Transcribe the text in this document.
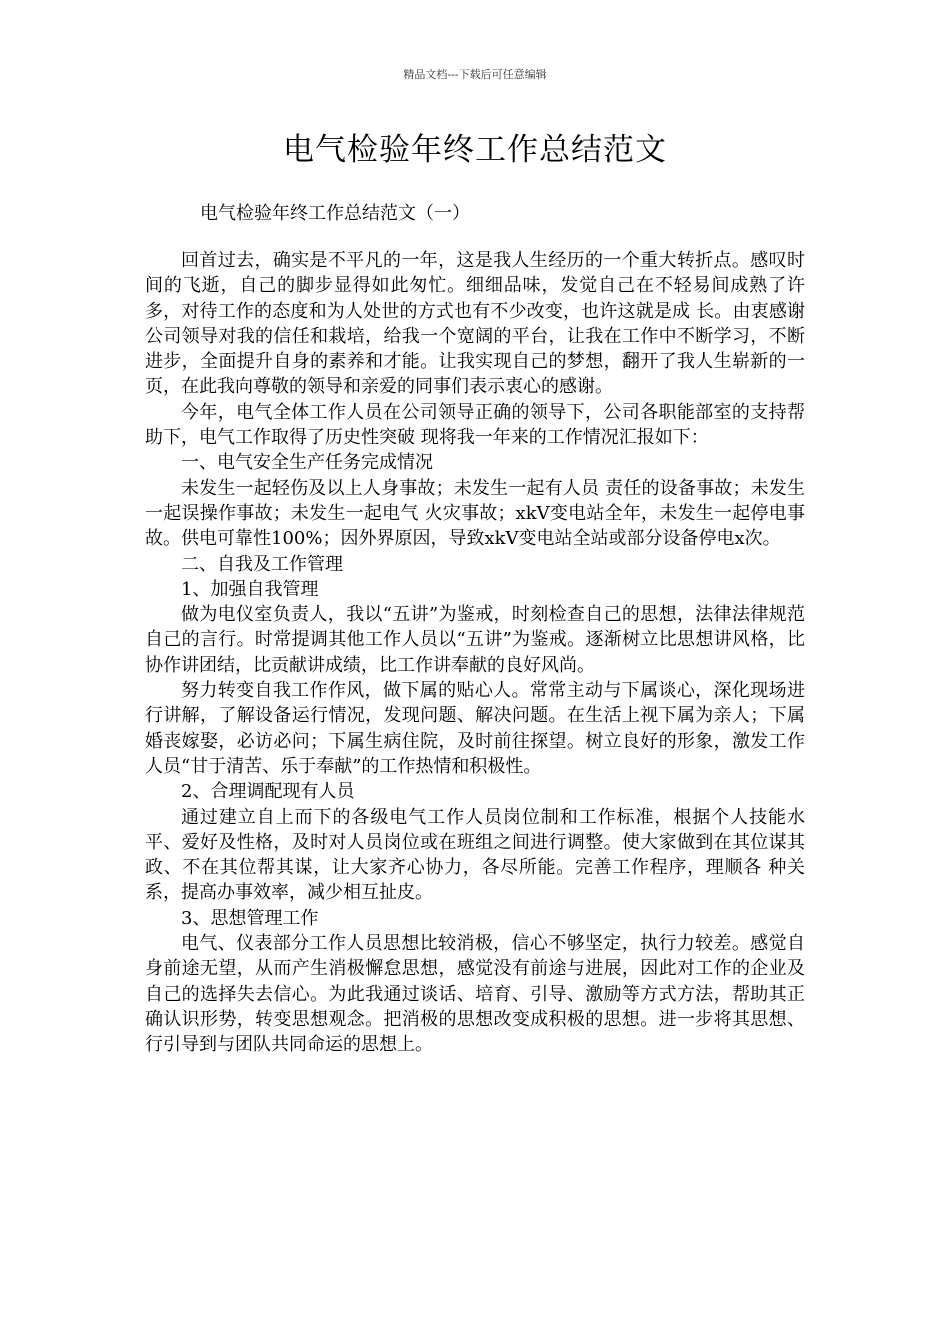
精品文档---下载后可任意编辑
电气检验年终工作总结范文
电气检验年终工作总结范文（一）

回首过去，确实是不平凡的一年，这是我人生经历的一个重大转折点。感叹时间的飞逝，自己的脚步显得如此匆忙。细细品味，发觉自己在不轻易间成熟了许多，对待工作的态度和为人处世的方式也有不少改变，也许这就是成 长。由衷感谢公司领导对我的信任和栽培，给我一个宽阔的平台，让我在工作中不断学习，不断进步，全面提升自身的素养和才能。让我实现自己的梦想，翻开了我人生崭新的一 页，在此我向尊敬的领导和亲爱的同事们表示衷心的感谢。

今年，电气全体工作人员在公司领导正确的领导下，公司各职能部室的支持帮助下，电气工作取得了历史性突破 现将我一年来的工作情况汇报如下：

一、电气安全生产任务完成情况

未发生一起轻伤及以上人身事故；未发生一起有人员 责任的设备事故；未发生一起误操作事故；未发生一起电气 火灾事故；xkV变电站全年，未发生一起停电事故。供电可靠性100%；因外界原因，导致xkV变电站全站或部分设备停电x次。

二、自我及工作管理

1、加强自我管理

做为电仪室负责人，我以“五讲”为鉴戒，时刻检查自己的思想，法律法律规范自己的言行。时常提调其他工作人员以“五讲”为鉴戒。逐渐树立比思想讲风格，比协作讲团结，比贡献讲成绩，比工作讲奉献的良好风尚。

努力转变自我工作作风，做下属的贴心人。常常主动与下属谈心，深化现场进行讲解，了解设备运行情况，发现问题、解决问题。在生活上视下属为亲人；下属婚丧嫁娶，必访必问；下属生病住院，及时前往探望。树立良好的形象，激发工作人员“甘于清苦、乐于奉献”的工作热情和积极性。

2、合理调配现有人员

通过建立自上而下的各级电气工作人员岗位制和工作标准，根据个人技能水平、爱好及性格，及时对人员岗位或在班组之间进行调整。使大家做到在其位谋其政、不在其位帮其谋，让大家齐心协力，各尽所能。完善工作程序，理顺各 种关系，提高办事效率，减少相互扯皮。

3、思想管理工作

电气、仪表部分工作人员思想比较消极，信心不够坚定，执行力较差。感觉自身前途无望，从而产生消极懈怠思想，感觉没有前途与进展，因此对工作的企业及自己的选择失去信心。为此我通过谈话、培育、引导、激励等方式方法，帮助其正确认识形势，转变思想观念。把消极的思想改变成积极的思想。进一步将其思想、行引导到与团队共同命运的思想上。
